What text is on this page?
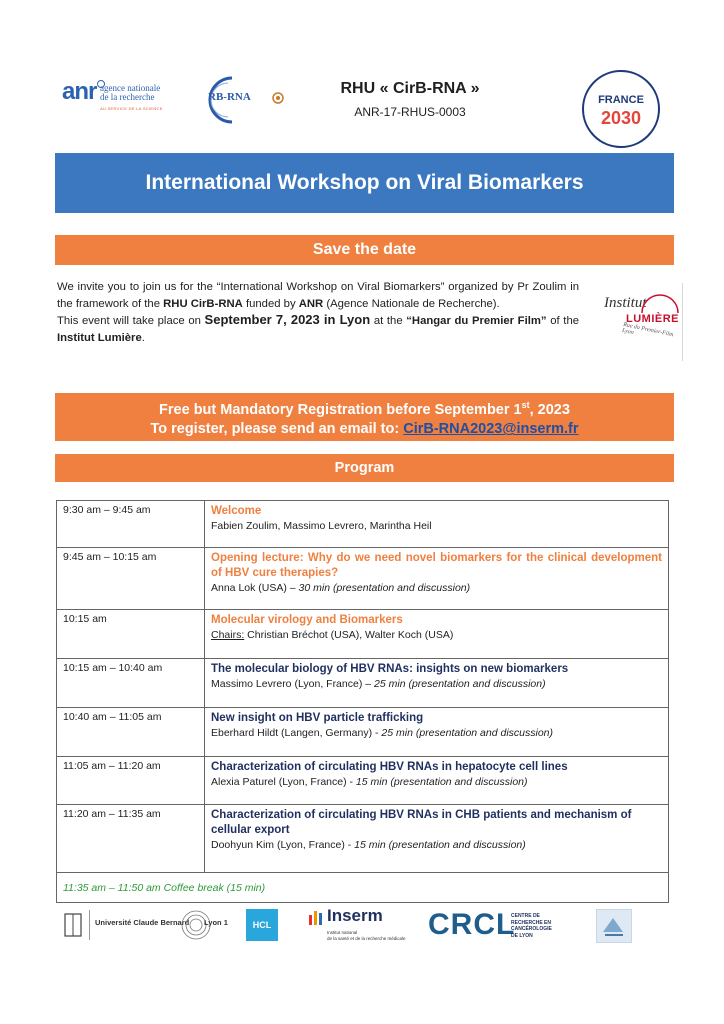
anr agence nationale
de la recherche
AU SERVICE DE LA SCIENCE
RB-RNA	RHU « CirB-RNA »
ANR-17-RHUS-0003
FRANCE
2030
International Workshop on Viral Biomarkers
Save the date

We invite you to join us for the “International Workshop on Viral Biomarkers” organized by Pr Zoulim in the framework of the RHU CirB-RNA funded by ANR (Agence Nationale de Recherche).

This event will take place on September 7, 2023 in Lyon at the “Hangar du Premier Film” of the Institut Lumière.

Institut
LUMIÈRE
Rue du Premier-Film Lyon
Free but Mandatory Registration before September 1st, 2023
To register, please send an email to: CirB-RNA2023@inserm.fr
Program
9:30 am – 9:45 am	Welcome
Fabien Zoulim, Massimo Levrero, Marintha Heil
9:45 am – 10:15 am	Opening lecture: Why do we need novel biomarkers for the clinical development of HBV cure therapies?
Anna Lok (USA) – 30 min (presentation and discussion)
10:15 am	Molecular virology and Biomarkers
Chairs: Christian Bréchot (USA), Walter Koch (USA)
10:15 am – 10:40 am	The molecular biology of HBV RNAs: insights on new biomarkers
Massimo Levrero (Lyon, France) – 25 min (presentation and discussion)
10:40 am – 11:05 am	New insight on HBV particle trafficking
Eberhard Hildt (Langen, Germany) - 25 min (presentation and discussion)
11:05 am – 11:20 am	Characterization of circulating HBV RNAs in hepatocyte cell lines
Alexia Paturel (Lyon, France) - 15 min (presentation and discussion)
11:20 am – 11:35 am	Characterization of circulating HBV RNAs in CHB patients and mechanism of cellular export
Doohyun Kim (Lyon, France) - 15 min (presentation and discussion)
11:35 am – 11:50 am Coffee break (15 min)
Université Claude Bernard Lyon 1	HCL	Inserm
Institut national
de la santé et de la recherche médicale CRCL
CENTRE DE
RECHERCHE EN
CANCÉROLOGIE
DE LYON
